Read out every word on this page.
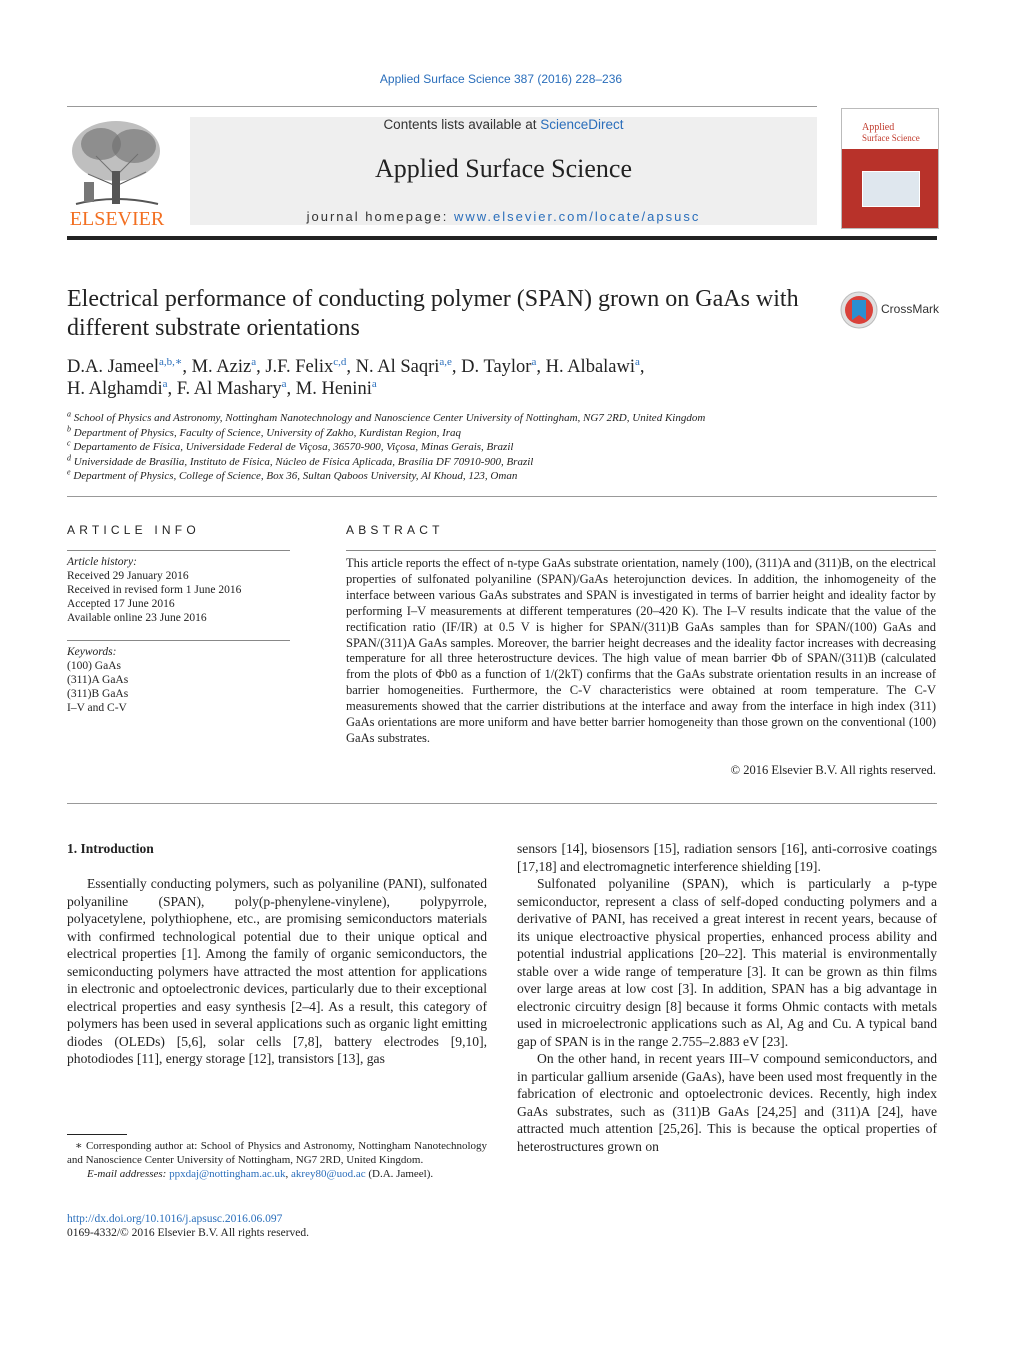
Applied Surface Science 387 (2016) 228–236
ELSEVIER
Contents lists available at ScienceDirect
Applied Surface Science
journal homepage: www.elsevier.com/locate/apsusc
Applied
Surface Science
Electrical performance of conducting polymer (SPAN) grown on GaAs with different substrate orientations
CrossMark
D.A. Jameel$^{a,b,∗}$, M. Aziz$^a$, J.F. Felix$^{c,d}$, N. Al Saqri$^{a,e}$, D. Taylor$^a$, H. Albalawi$^a$,
H. Alghamdi$^a$, F. Al Mashary$^a$, M. Henini$^a$
$^a$ School of Physics and Astronomy, Nottingham Nanotechnology and Nanoscience Center University of Nottingham, NG7 2RD, United Kingdom
$^b$ Department of Physics, Faculty of Science, University of Zakho, Kurdistan Region, Iraq
$^c$ Departamento de Física, Universidade Federal de Viçosa, 36570-900, Viçosa, Minas Gerais, Brazil
$^d$ Universidade de Brasília, Instituto de Física, Núcleo de Física Aplicada, Brasília DF 70910-900, Brazil
$^e$ Department of Physics, College of Science, Box 36, Sultan Qaboos University, Al Khoud, 123, Oman
ARTICLE INFO
Article history:
Received 29 January 2016
Received in revised form 1 June 2016
Accepted 17 June 2016
Available online 23 June 2016
Keywords:
(100) GaAs
(311)A GaAs
(311)B GaAs
I–V and C-V
ABSTRACT
This article reports the effect of n-type GaAs substrate orientation, namely (100), (311)A and (311)B, on the electrical properties of sulfonated polyaniline (SPAN)/GaAs heterojunction devices. In addition, the inhomogeneity of the interface between various GaAs substrates and SPAN is investigated in terms of barrier height and ideality factor by performing I–V measurements at different temperatures (20–420 K). The I–V results indicate that the value of the rectification ratio (IF/IR) at 0.5 V is higher for SPAN/(311)B GaAs samples than for SPAN/(100) GaAs and SPAN/(311)A GaAs samples. Moreover, the barrier height decreases and the ideality factor increases with decreasing temperature for all three heterostructure devices. The high value of mean barrier Φb of SPAN/(311)B (calculated from the plots of Φb0 as a function of 1/(2kT) confirms that the GaAs substrate orientation results in an increase of barrier homogeneities. Furthermore, the C-V characteristics were obtained at room temperature. The C-V measurements showed that the carrier distributions at the interface and away from the interface in high index (311) GaAs orientations are more uniform and have better barrier homogeneity than those grown on the conventional (100) GaAs substrates.
© 2016 Elsevier B.V. All rights reserved.
1. Introduction

Essentially conducting polymers, such as polyaniline (PANI), sulfonated polyaniline (SPAN), poly(p-phenylene-vinylene), polypyrrole, polyacetylene, polythiophene, etc., are promising semiconductors materials with confirmed technological potential due to their unique optical and electrical properties [1]. Among the family of organic semiconductors, the semiconducting polymers have attracted the most attention for applications in electronic and optoelectronic devices, particularly due to their exceptional electrical properties and easy synthesis [2–4]. As a result, this category of polymers has been used in several applications such as organic light emitting diodes (OLEDs) [5,6], solar cells [7,8], battery electrodes [9,10], photodiodes [11], energy storage [12], transistors [13], gas

sensors [14], biosensors [15], radiation sensors [16], anti-corrosive coatings [17,18] and electromagnetic interference shielding [19].

Sulfonated polyaniline (SPAN), which is particularly a p-type semiconductor, represent a class of self-doped conducting polymers and a derivative of PANI, has received a great interest in recent years, because of its unique electroactive physical properties, enhanced process ability and potential industrial applications [20–22]. This material is environmentally stable over a wide range of temperature [3]. It can be grown as thin films over large areas at low cost [3]. In addition, SPAN has a big advantage in electronic circuitry design [8] because it forms Ohmic contacts with metals used in microelectronic applications such as Al, Ag and Cu. A typical band gap of SPAN is in the range 2.755–2.883 eV [23].

On the other hand, in recent years III–V compound semiconductors, and in particular gallium arsenide (GaAs), have been used most frequently in the fabrication of electronic and optoelectronic devices. Recently, high index GaAs substrates, such as (311)B GaAs [24,25] and (311)A [24], have attracted much attention [25,26]. This is because the optical properties of heterostructures grown on

∗ Corresponding author at: School of Physics and Astronomy, Nottingham Nanotechnology and Nanoscience Center University of Nottingham, NG7 2RD, United Kingdom.
E-mail addresses: ppxdaj@nottingham.ac.uk, akrey80@uod.ac (D.A. Jameel).
http://dx.doi.org/10.1016/j.apsusc.2016.06.097
0169-4332/© 2016 Elsevier B.V. All rights reserved.
